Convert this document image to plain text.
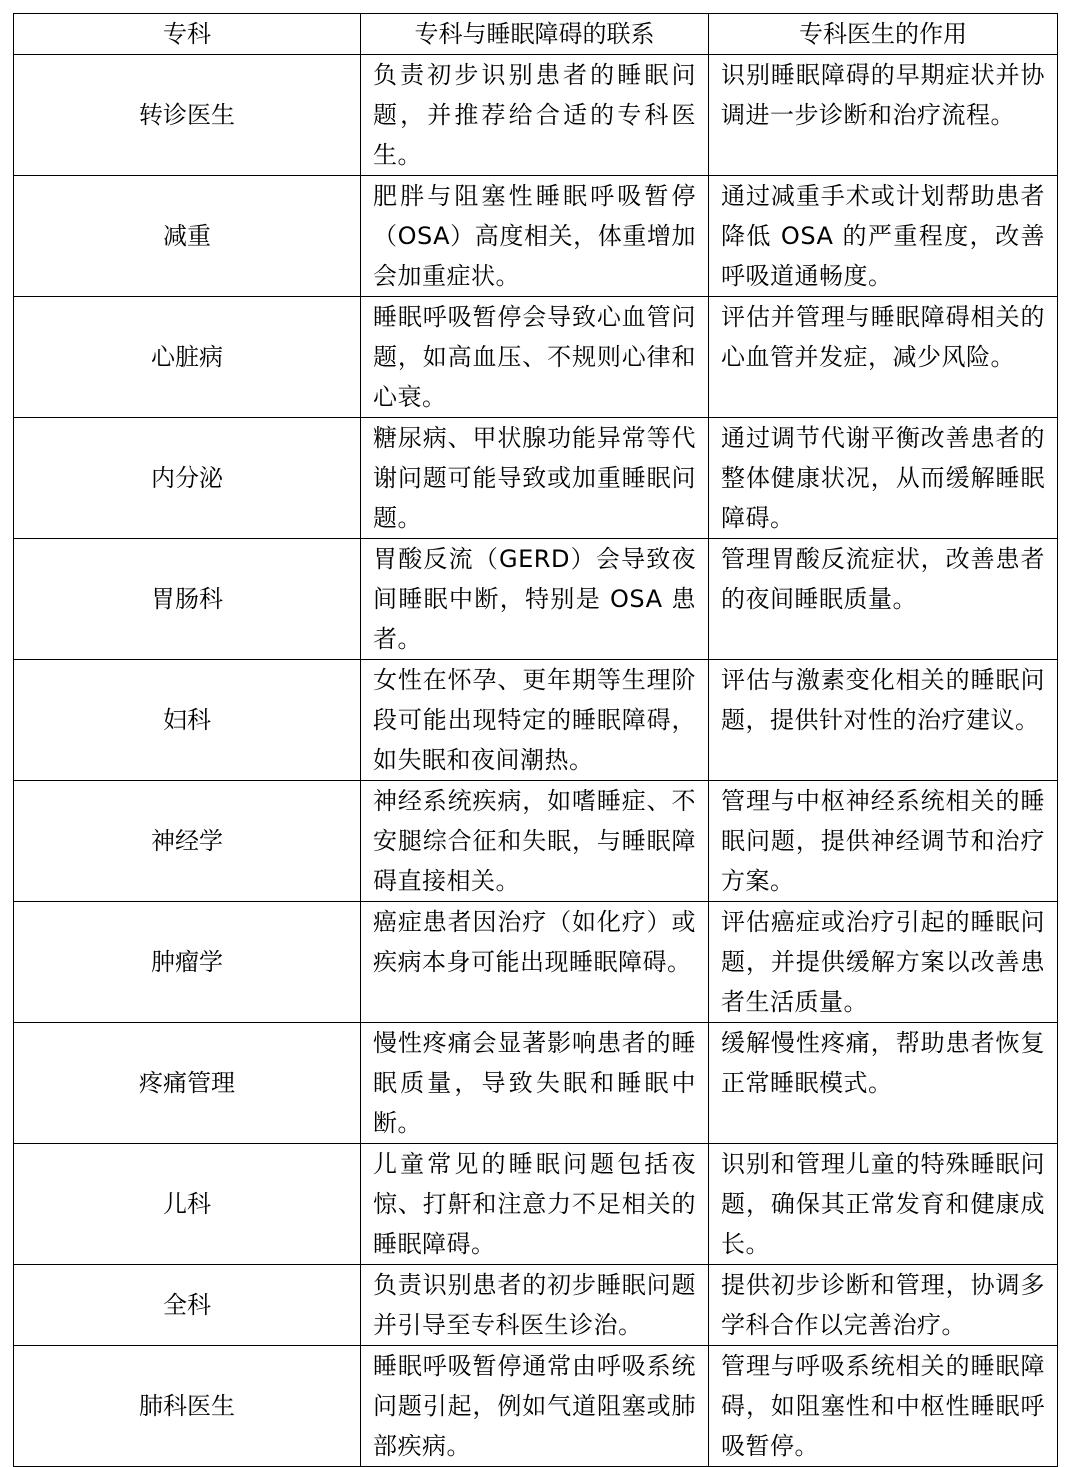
专科	专科与睡眠障碍的联系	专科医生的作用
转诊医生	负责初步识别患者的睡眠问题，并推荐给合适的专科医生。	识别睡眠障碍的早期症状并协调进一步诊断和治疗流程。
减重	肥胖与阻塞性睡眠呼吸暂停（OSA）高度相关，体重增加会加重症状。	通过减重手术或计划帮助患者降低 OSA 的严重程度，改善呼吸道通畅度。
心脏病	睡眠呼吸暂停会导致心血管问题，如高血压、不规则心律和心衰。	评估并管理与睡眠障碍相关的心血管并发症，减少风险。
内分泌	糖尿病、甲状腺功能异常等代谢问题可能导致或加重睡眠问题。	通过调节代谢平衡改善患者的整体健康状况，从而缓解睡眠障碍。
胃肠科	胃酸反流（GERD）会导致夜间睡眠中断，特别是 OSA 患者。	管理胃酸反流症状，改善患者的夜间睡眠质量。
妇科	女性在怀孕、更年期等生理阶段可能出现特定的睡眠障碍，如失眠和夜间潮热。	评估与激素变化相关的睡眠问题，提供针对性的治疗建议。
神经学	神经系统疾病，如嗜睡症、不安腿综合征和失眠，与睡眠障碍直接相关。	管理与中枢神经系统相关的睡眠问题，提供神经调节和治疗方案。
肿瘤学	癌症患者因治疗（如化疗）或疾病本身可能出现睡眠障碍。	评估癌症或治疗引起的睡眠问题，并提供缓解方案以改善患者生活质量。
疼痛管理	慢性疼痛会显著影响患者的睡眠质量，导致失眠和睡眠中断。	缓解慢性疼痛，帮助患者恢复正常睡眠模式。
儿科	儿童常见的睡眠问题包括夜惊、打鼾和注意力不足相关的睡眠障碍。	识别和管理儿童的特殊睡眠问题，确保其正常发育和健康成长。
全科	负责识别患者的初步睡眠问题并引导至专科医生诊治。	提供初步诊断和管理，协调多学科合作以完善治疗。
肺科医生	睡眠呼吸暂停通常由呼吸系统问题引起，例如气道阻塞或肺部疾病。	管理与呼吸系统相关的睡眠障碍，如阻塞性和中枢性睡眠呼吸暂停。
